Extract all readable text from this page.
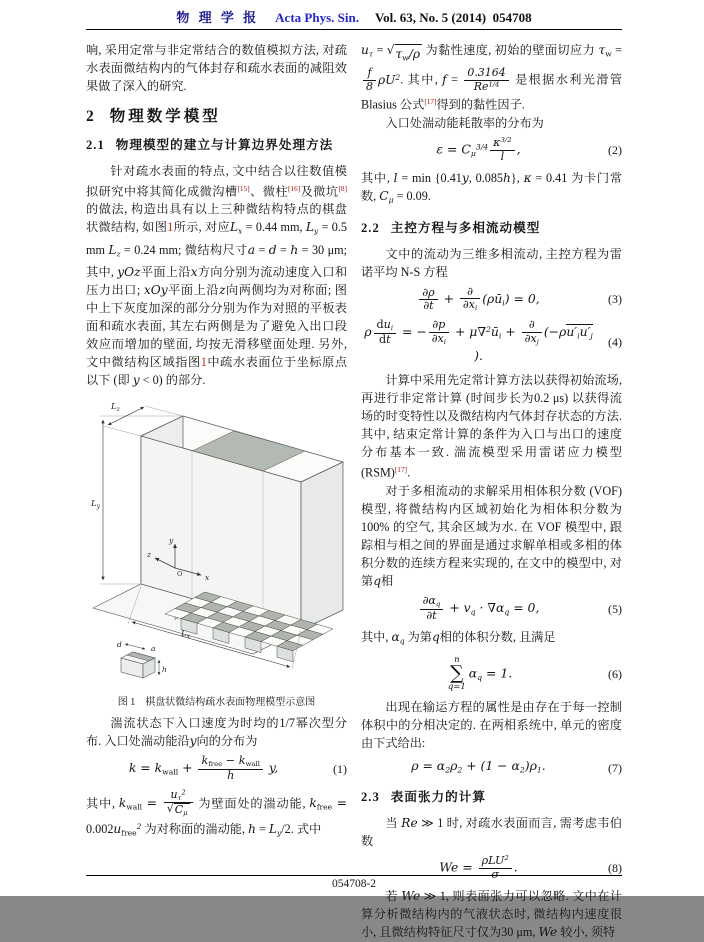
物 理 学 报 Acta Phys. Sin. Vol. 63, No. 5 (2014) 054708

响, 采用定常与非定常结合的数值模拟方法, 对疏水表面微结构内的气体封存和疏水表面的减阻效果做了深入的研究.

2 物理数学模型
2.1 物理模型的建立与计算边界处理方法

针对疏水表面的特点, 文中结合以往数值模拟研究中将其简化成微沟槽[15]、微柱[16]及微坑[8]的做法, 构造出具有以上三种微结构特点的棋盘状微结构, 如图1所示, 对应Lx = 0.44 mm, Ly = 0.5 mm Lz = 0.24 mm; 微结构尺寸a = d = h = 30 μm; 其中, yOz平面上沿x方向分别为流动速度入口和压力出口; xOy平面上沿z向两侧均为对称面; 图中上下灰度加深的部分分别为作为对照的平板表面和疏水表面, 其左右两侧是为了避免入出口段效应而增加的壁面, 均按无滑移壁面处理. 另外, 文中微结构区域指图1中疏水表面位于坐标原点以下 (即 y < 0) 的部分.

$L_z$
$L_y$
$L_x$
y
x
z
O
d	a
h
图 1 棋盘状微结构疏水表面物理模型示意图

湍流状态下入口速度为时均的1/7幂次型分布. 入口处湍动能沿y向的分布为

k = kwall + $\frac{\text{kfree − kwall}}{h} y$,	(1)

其中, kwall = $\frac{u\tau^2}{√ C\mu}$ 为壁面处的湍动能, kfree = 0.002ufree$^2$ 为对称面的湍动能, h = Ly/2. 式中

uτ = √ τw/ρ 为黏性速度, 初始的壁面切应力 τw =
$\frac{f}{8} \rho U^2$. 其中, $f = \frac{0.3164}{Re^{1/4}}$ 是根据水利光滑管 Blasius 公式[17]得到的黏性因子.

入口处湍动能耗散率的分布为

$\varepsilon = C\mu^{3/4} \frac{\kappa^{3/2}}{l}$ ,	(2)

其中, l = min {0.41y, 0.085h}, κ = 0.41 为卡门常数, Cμ = 0.09.

2.2 主控方程与多相流动模型

文中的流动为三维多相流动, 主控方程为雷诺平均 N-S 方程

$\frac{\partial\rho}{\partial t} + \frac{\partial}{\partial xi}$ (ρūi) = 0,	(3)
ρ $\frac{\text{dui}}{dt}$ = − $\frac{\partial p}{\partial xi}$ + μ∇$^2$ūi + $\frac{\partial}{\partial xj} (-\rho u'iu'j)$.
(4)

计算中采用先定常计算方法以获得初始流场, 再进行非定常计算 (时间步长为0.2 μs) 以获得流场的时变特性以及微结构内气体封存状态的方法. 其中, 结束定常计算的条件为入口与出口的速度分布基本一致. 湍流模型采用雷诺应力模型 (RSM)[17].

对于多相流动的求解采用相体积分数 (VOF) 模型, 将微结构内区域初始化为相体积分数为 100% 的空气, 其余区域为水. 在 VOF 模型中, 跟踪相与相之间的界面是通过求解单相或多相的体积分数的连续方程来实现的, 在文中的模型中, 对第q相

$\frac{\partial\alpha q}{\partial t}$ + vq · ∇αq = 0,	(5)

其中, αq 为第q相的体积分数, 且满足

n
∑
q=1
αq = 1.	(6)

出现在输运方程的属性是由存在于每一控制体积中的分相决定的. 在两相系统中, 单元的密度由下式给出:

ρ = α2ρ2 + (1 − α2)ρ1.	(7)
2.3 表面张力的计算

当 Re ≫ 1 时, 对疏水表面而言, 需考虑韦伯数

$We = \frac{\rho LU^2}{\sigma}$ .	(8)

若 We ≫ 1, 则表面张力可以忽略. 文中在计算分析微结构内的气液状态时, 微结构内速度很小, 且微结构特征尺寸仅为30 μm, We 较小, 须特

054708-2
